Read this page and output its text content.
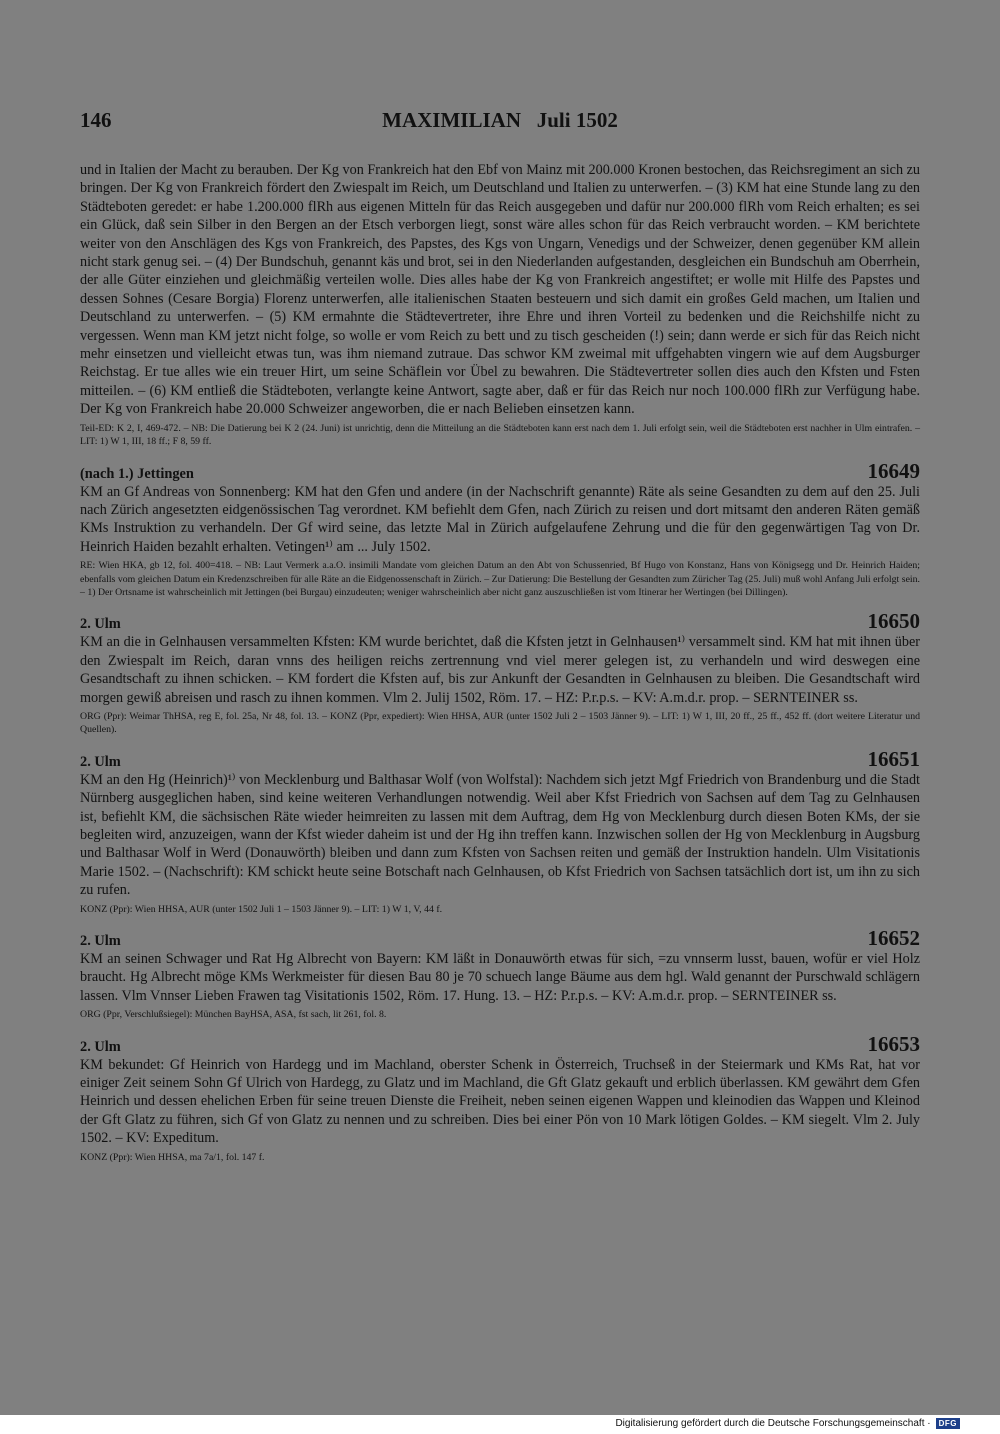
146	MAXIMILIAN   Juli 1502

und in Italien der Macht zu berauben. Der Kg von Frankreich hat den Ebf von Mainz mit 200.000 Kronen bestochen, das Reichsregiment an sich zu bringen. Der Kg von Frankreich fördert den Zwiespalt im Reich, um Deutschland und Italien zu unterwerfen. – (3) KM hat eine Stunde lang zu den Städteboten geredet: er habe 1.200.000 flRh aus eigenen Mitteln für das Reich ausgegeben und dafür nur 200.000 flRh vom Reich erhalten; es sei ein Glück, daß sein Silber in den Bergen an der Etsch verborgen liegt, sonst wäre alles schon für das Reich verbraucht worden. – KM berichtete weiter von den Anschlägen des Kgs von Frankreich, des Papstes, des Kgs von Ungarn, Venedigs und der Schweizer, denen gegenüber KM allein nicht stark genug sei. – (4) Der Bundschuh, genannt käs und brot, sei in den Niederlanden aufgestanden, desgleichen ein Bundschuh am Oberrhein, der alle Güter einziehen und gleichmäßig verteilen wolle. Dies alles habe der Kg von Frankreich angestiftet; er wolle mit Hilfe des Papstes und dessen Sohnes (Cesare Borgia) Florenz unterwerfen, alle italienischen Staaten besteuern und sich damit ein großes Geld machen, um Italien und Deutschland zu unterwerfen. – (5) KM ermahnte die Städtevertreter, ihre Ehre und ihren Vorteil zu bedenken und die Reichshilfe nicht zu vergessen. Wenn man KM jetzt nicht folge, so wolle er vom Reich zu bett und zu tisch gescheiden (!) sein; dann werde er sich für das Reich nicht mehr einsetzen und vielleicht etwas tun, was ihm niemand zutraue. Das schwor KM zweimal mit uffgehabten vingern wie auf dem Augsburger Reichstag. Er tue alles wie ein treuer Hirt, um seine Schäflein vor Übel zu bewahren. Die Städtevertreter sollen dies auch den Kfsten und Fsten mitteilen. – (6) KM entließ die Städteboten, verlangte keine Antwort, sagte aber, daß er für das Reich nur noch 100.000 flRh zur Verfügung habe. Der Kg von Frankreich habe 20.000 Schweizer angeworben, die er nach Belieben einsetzen kann.

Teil-ED: K 2, I, 469-472. – NB: Die Datierung bei K 2 (24. Juni) ist unrichtig, denn die Mitteilung an die Städteboten kann erst nach dem 1. Juli erfolgt sein, weil die Städteboten erst nachher in Ulm eintrafen. – LIT: 1) W 1, III, 18 ff.; F 8, 59 ff.

(nach 1.) Jettingen	16649

KM an Gf Andreas von Sonnenberg: KM hat den Gfen und andere (in der Nachschrift genannte) Räte als seine Gesandten zu dem auf den 25. Juli nach Zürich angesetzten eidgenössischen Tag verordnet. KM befiehlt dem Gfen, nach Zürich zu reisen und dort mitsamt den anderen Räten gemäß KMs Instruktion zu verhandeln. Der Gf wird seine, das letzte Mal in Zürich aufgelaufene Zehrung und die für den gegenwärtigen Tag von Dr. Heinrich Haiden bezahlt erhalten. Vetingen¹⁾ am ... July 1502.

RE: Wien HKA, gb 12, fol. 400=418. – NB: Laut Vermerk a.a.O. insimili Mandate vom gleichen Datum an den Abt von Schussenried, Bf Hugo von Konstanz, Hans von Königsegg und Dr. Heinrich Haiden; ebenfalls vom gleichen Datum ein Kredenzschreiben für alle Räte an die Eidgenossenschaft in Zürich. – Zur Datierung: Die Bestellung der Gesandten zum Züricher Tag (25. Juli) muß wohl Anfang Juli erfolgt sein. – 1) Der Ortsname ist wahrscheinlich mit Jettingen (bei Burgau) einzudeuten; weniger wahrscheinlich aber nicht ganz auszuschließen ist vom Itinerar her Wertingen (bei Dillingen).

2. Ulm	16650

KM an die in Gelnhausen versammelten Kfsten: KM wurde berichtet, daß die Kfsten jetzt in Gelnhausen¹⁾ versammelt sind. KM hat mit ihnen über den Zwiespalt im Reich, daran vnns des heiligen reichs zertrennung vnd viel merer gelegen ist, zu verhandeln und wird deswegen eine Gesandtschaft zu ihnen schicken. – KM fordert die Kfsten auf, bis zur Ankunft der Gesandten in Gelnhausen zu bleiben. Die Gesandtschaft wird morgen gewiß abreisen und rasch zu ihnen kommen. Vlm 2. Julij 1502, Röm. 17. – HZ: P.r.p.s. – KV: A.m.d.r. prop. – SERNTEINER ss.

ORG (Ppr): Weimar ThHSA, reg E, fol. 25a, Nr 48, fol. 13. – KONZ (Ppr, expediert): Wien HHSA, AUR (unter 1502 Juli 2 – 1503 Jänner 9). – LIT: 1) W 1, III, 20 ff., 25 ff., 452 ff. (dort weitere Literatur und Quellen).

2. Ulm	16651

KM an den Hg (Heinrich)¹⁾ von Mecklenburg und Balthasar Wolf (von Wolfstal): Nachdem sich jetzt Mgf Friedrich von Brandenburg und die Stadt Nürnberg ausgeglichen haben, sind keine weiteren Verhandlungen notwendig. Weil aber Kfst Friedrich von Sachsen auf dem Tag zu Gelnhausen ist, befiehlt KM, die sächsischen Räte wieder heimreiten zu lassen mit dem Auftrag, dem Hg von Mecklenburg durch diesen Boten KMs, der sie begleiten wird, anzuzeigen, wann der Kfst wieder daheim ist und der Hg ihn treffen kann. Inzwischen sollen der Hg von Mecklenburg in Augsburg und Balthasar Wolf in Werd (Donauwörth) bleiben und dann zum Kfsten von Sachsen reiten und gemäß der Instruktion handeln. Ulm Visitationis Marie 1502. – (Nachschrift): KM schickt heute seine Botschaft nach Gelnhausen, ob Kfst Friedrich von Sachsen tatsächlich dort ist, um ihn zu sich zu rufen.

KONZ (Ppr): Wien HHSA, AUR (unter 1502 Juli 1 – 1503 Jänner 9). – LIT: 1) W 1, V, 44 f.

2. Ulm	16652

KM an seinen Schwager und Rat Hg Albrecht von Bayern: KM läßt in Donauwörth etwas für sich, =zu vnnserm lusst, bauen, wofür er viel Holz braucht. Hg Albrecht möge KMs Werkmeister für diesen Bau 80 je 70 schuech lange Bäume aus dem hgl. Wald genannt der Purschwald schlägern lassen. Vlm Vnnser Lieben Frawen tag Visitationis 1502, Röm. 17. Hung. 13. – HZ: P.r.p.s. – KV: A.m.d.r. prop. – SERNTEINER ss.

ORG (Ppr, Verschlußsiegel): München BayHSA, ASA, fst sach, lit 261, fol. 8.

2. Ulm	16653

KM bekundet: Gf Heinrich von Hardegg und im Machland, oberster Schenk in Österreich, Truchseß in der Steiermark und KMs Rat, hat vor einiger Zeit seinem Sohn Gf Ulrich von Hardegg, zu Glatz und im Machland, die Gft Glatz gekauft und erblich überlassen. KM gewährt dem Gfen Heinrich und dessen ehelichen Erben für seine treuen Dienste die Freiheit, neben seinen eigenen Wappen und kleinodien das Wappen und Kleinod der Gft Glatz zu führen, sich Gf von Glatz zu nennen und zu schreiben. Dies bei einer Pön von 10 Mark lötigen Goldes. – KM siegelt. Vlm 2. July 1502. – KV: Expeditum.

KONZ (Ppr): Wien HHSA, ma 7a/1, fol. 147 f.

Digitalisierung gefördert durch die Deutsche Forschungsgemeinschaft ·	DFG
